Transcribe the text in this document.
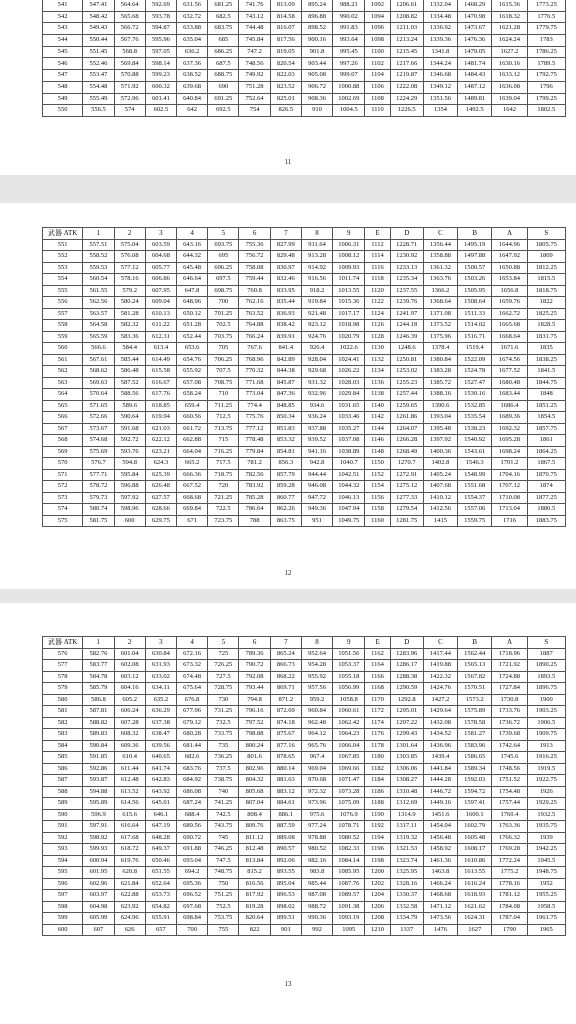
541	547.41	564.64	592.69	631.56	681.25	741.76	813.09	895.24	988.21	1092	1206.61	1332.04	1468.29	1615.36	1773.25
542	548.42	565.68	593.78	632.72	682.5	743.12	814.58	896.88	990.02	1094	1208.82	1334.48	1470.98	1618.32	1776.5
543	549.43	566.72	594.87	633.88	683.75	744.48	816.07	898.52	991.83	1096	1211.03	1336.92	1473.67	1621.28	1779.75
544	550.44	567.76	595.96	635.04	685	745.84	817.56	900.16	993.64	1098	1213.24	1339.36	1476.36	1624.24	1783
545	551.45	568.8	597.05	636.2	686.25	747.2	819.05	901.8	995.45	1100	1215.45	1341.8	1479.05	1627.2	1786.25
546	552.46	569.84	598.14	637.36	687.5	748.56	820.54	903.44	997.26	1102	1217.66	1344.24	1481.74	1630.16	1789.5
547	553.47	570.88	599.23	638.52	688.75	749.92	822.03	905.08	999.07	1104	1219.87	1346.68	1484.43	1633.12	1792.75
548	554.48	571.92	600.32	639.68	690	751.28	823.52	906.72	1000.88	1106	1222.08	1349.12	1487.12	1636.08	1796
549	555.49	572.96	601.41	640.84	691.25	752.64	825.01	908.36	1002.69	1108	1224.29	1351.56	1489.81	1639.04	1799.25
550	556.5	574	602.5	642	692.5	754	826.5	910	1004.5	1110	1226.5	1354	1492.5	1642	1802.5
11
武器 ATK	1	2	3	4	5	6	7	8	9	E	D	C	B	A	S
551	557.51	575.04	603.59	643.16	693.75	755.36	827.99	911.64	1006.31	1112	1228.71	1356.44	1495.19	1644.96	1805.75
552	558.52	576.08	604.68	644.32	695	756.72	829.48	913.28	1008.12	1114	1230.92	1358.88	1497.88	1647.92	1809
553	559.53	577.12	605.77	645.48	696.25	758.08	830.97	914.92	1009.93	1116	1233.13	1361.32	1500.57	1650.88	1812.25
554	560.54	578.16	606.86	646.64	697.5	759.44	832.46	916.56	1011.74	1118	1235.34	1363.76	1503.26	1653.84	1815.5
555	561.55	579.2	607.95	647.8	698.75	760.8	833.95	918.2	1013.55	1120	1237.55	1366.2	1505.95	1656.8	1818.75
556	562.56	580.24	609.04	648.96	700	762.16	835.44	919.84	1015.36	1122	1239.76	1368.64	1508.64	1659.76	1822
557	563.57	581.28	610.13	650.12	701.25	763.52	836.93	921.48	1017.17	1124	1241.97	1371.08	1511.33	1662.72	1825.25
558	564.58	582.32	611.22	651.28	702.5	764.88	838.42	923.12	1018.98	1126	1244.18	1373.52	1514.02	1665.68	1828.5
559	565.59	583.36	612.31	652.44	703.75	766.24	839.91	924.76	1020.79	1128	1246.39	1375.96	1516.71	1668.64	1831.75
560	566.6	584.4	613.4	653.6	705	767.6	841.4	926.4	1022.6	1130	1248.6	1378.4	1519.4	1671.6	1835
561	567.61	585.44	614.49	654.76	706.25	768.96	842.89	928.04	1024.41	1132	1250.81	1380.84	1522.09	1674.56	1838.25
562	568.62	586.48	615.58	655.92	707.5	770.32	844.38	929.68	1026.22	1134	1253.02	1383.28	1524.78	1677.52	1841.5
563	569.63	587.52	616.67	657.08	708.75	771.68	845.87	931.32	1028.03	1136	1255.23	1385.72	1527.47	1680.48	1844.75
564	570.64	588.56	617.76	658.24	710	773.04	847.36	932.96	1029.84	1138	1257.44	1388.16	1530.16	1683.44	1848
565	571.65	589.6	618.85	659.4	711.25	774.4	848.85	934.6	1031.65	1140	1259.65	1390.6	1532.85	1686.4	1851.25
566	572.66	590.64	619.94	660.56	712.5	775.76	850.34	936.24	1033.46	1142	1261.86	1393.04	1535.54	1689.36	1854.5
567	573.67	591.68	621.03	661.72	713.75	777.12	851.83	937.88	1035.27	1144	1264.07	1395.48	1538.23	1692.32	1857.75
568	574.68	592.72	622.12	662.88	715	778.48	853.32	939.52	1037.08	1146	1266.28	1397.92	1540.92	1695.28	1861
569	575.69	593.76	623.21	664.04	716.25	779.84	854.81	941.16	1038.89	1148	1268.49	1400.36	1543.61	1698.24	1864.25
570	576.7	594.8	624.3	665.2	717.5	781.2	856.3	942.8	1040.7	1150	1270.7	1402.8	1546.3	1701.2	1867.5
571	577.71	595.84	625.39	666.36	718.75	782.56	857.79	944.44	1042.51	1152	1272.91	1405.24	1548.99	1704.16	1870.75
572	578.72	596.88	626.48	667.52	720	783.92	859.28	946.08	1044.32	1154	1275.12	1407.68	1551.68	1707.12	1874
573	579.73	597.92	627.57	668.68	721.25	785.28	860.77	947.72	1046.13	1156	1277.33	1410.12	1554.37	1710.08	1877.25
574	580.74	598.96	628.66	669.84	722.5	786.64	862.26	949.36	1047.94	1158	1279.54	1412.56	1557.06	1713.04	1880.5
575	581.75	600	629.75	671	723.75	788	863.75	951	1049.75	1160	1281.75	1415	1559.75	1716	1883.75
12
武器 ATK	1	2	3	4	5	6	7	8	9	E	D	C	B	A	S
576	582.76	601.04	630.84	672.16	725	789.36	865.24	952.64	1051.56	1162	1283.96	1417.44	1562.44	1718.96	1887
577	583.77	602.08	631.93	673.32	726.25	790.72	866.73	954.28	1053.37	1164	1286.17	1419.88	1565.13	1721.92	1890.25
578	584.78	603.12	633.02	674.48	727.5	792.08	868.22	955.92	1055.18	1166	1288.38	1422.32	1567.82	1724.88	1893.5
579	585.79	604.16	634.11	675.64	728.75	793.44	869.71	957.56	1056.99	1168	1290.59	1424.76	1570.51	1727.84	1896.75
580	586.8	605.2	635.2	676.8	730	794.8	871.2	959.2	1058.8	1170	1292.8	1427.2	1573.2	1730.8	1900
581	587.81	606.24	636.29	677.96	731.25	796.16	872.69	960.84	1060.61	1172	1295.01	1429.64	1575.89	1733.76	1903.25
582	588.82	607.28	637.38	679.12	732.5	797.52	874.18	962.48	1062.42	1174	1297.22	1432.08	1578.58	1736.72	1906.5
583	589.83	608.32	638.47	680.28	733.75	798.88	875.67	964.12	1064.23	1176	1299.43	1434.52	1581.27	1739.68	1909.75
584	590.84	609.36	639.56	681.44	735	800.24	877.16	965.76	1066.04	1178	1301.64	1436.96	1583.96	1742.64	1913
585	591.85	610.4	640.65	682.6	736.25	801.6	878.65	967.4	1067.85	1180	1303.85	1439.4	1586.65	1745.6	1916.25
586	592.86	611.44	641.74	683.76	737.5	802.96	880.14	969.04	1069.66	1182	1306.06	1441.84	1589.34	1748.56	1919.5
587	593.87	612.48	642.83	684.92	738.75	804.32	881.63	970.68	1071.47	1184	1308.27	1444.28	1592.03	1751.52	1922.75
588	594.88	613.52	643.92	686.08	740	805.68	883.12	972.32	1073.28	1186	1310.48	1446.72	1594.72	1754.48	1926
589	595.89	614.56	645.01	687.24	741.25	807.04	884.61	973.96	1075.09	1188	1312.69	1449.16	1597.41	1757.44	1929.25
590	596.9	615.6	646.1	688.4	742.5	808.4	886.1	975.6	1076.9	1190	1314.9	1451.6	1600.1	1760.4	1932.5
591	597.91	616.64	647.19	689.56	743.75	809.76	887.59	977.24	1078.71	1192	1317.11	1454.04	1602.79	1763.36	1935.75
592	598.92	617.68	648.28	690.72	745	811.12	889.08	978.88	1080.52	1194	1319.32	1456.48	1605.48	1766.32	1939
593	599.93	618.72	649.37	691.88	746.25	812.48	890.57	980.52	1082.33	1196	1321.53	1458.92	1608.17	1769.28	1942.25
594	600.94	619.76	650.46	693.04	747.5	813.84	892.06	982.16	1084.14	1198	1323.74	1461.36	1610.86	1772.24	1945.5
595	601.95	620.8	651.55	694.2	748.75	815.2	893.55	983.8	1085.95	1200	1325.95	1463.8	1613.55	1775.2	1948.75
596	602.96	621.84	652.64	695.36	750	816.56	895.04	985.44	1087.76	1202	1328.16	1466.24	1616.24	1778.16	1952
597	603.97	622.88	653.73	696.52	751.25	817.92	896.53	987.08	1089.57	1204	1330.37	1468.68	1618.93	1781.12	1955.25
598	604.98	623.92	654.82	697.68	752.5	819.28	898.02	988.72	1091.38	1206	1332.58	1471.12	1621.62	1784.08	1958.5
599	605.99	624.96	655.91	698.84	753.75	820.64	899.51	990.36	1093.19	1208	1334.79	1473.56	1624.31	1787.04	1961.75
600	607	626	657	700	755	822	901	992	1095	1210	1337	1476	1627	1790	1965
13
